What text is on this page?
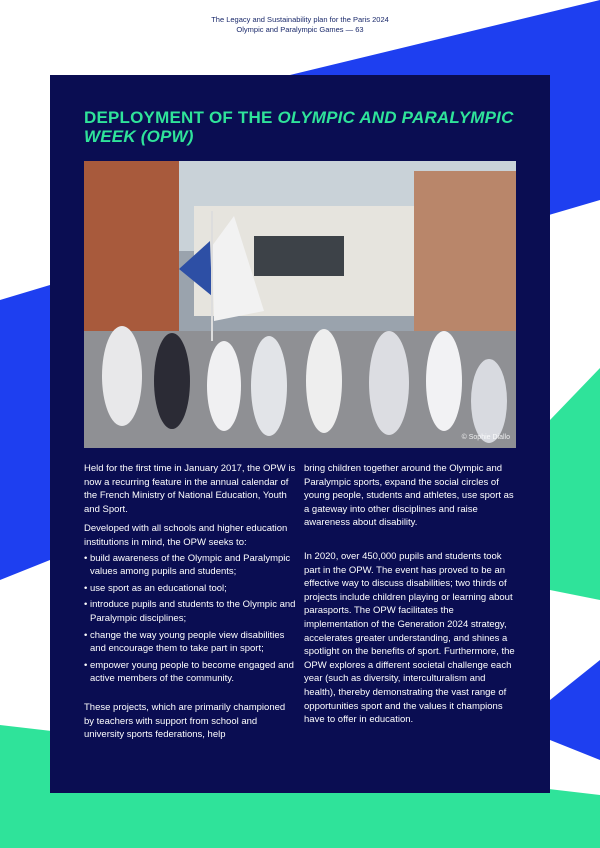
The Legacy and Sustainability plan for the Paris 2024
Olympic and Paralympic Games — 63
DEPLOYMENT OF THE OLYMPIC AND PARALYMPIC WEEK (OPW)
© Sophie Diallo

Held for the first time in January 2017, the OPW is now a recurring feature in the annual calendar of the French Ministry of National Education, Youth and Sport.

Developed with all schools and higher education institutions in mind, the OPW seeks to:

• build awareness of the Olympic and Paralympic values among pupils and students;
• use sport as an educational tool;
• introduce pupils and students to the Olympic and Paralympic disciplines;
• change the way young people view disabilities and encourage them to take part in sport;
• empower young people to become engaged and active members of the community.

These projects, which are primarily championed by teachers with support from school and university sports federations, help

bring children together around the Olympic and Paralympic sports, expand the social circles of young people, students and athletes, use sport as a gateway into other disciplines and raise awareness about disability.

In 2020, over 450,000 pupils and students took part in the OPW. The event has proved to be an effective way to discuss disabilities; two thirds of projects include children playing or learning about parasports. The OPW facilitates the implementation of the Generation 2024 strategy, accelerates greater understanding, and shines a spotlight on the benefits of sport. Furthermore, the OPW explores a different societal challenge each year (such as diversity, interculturalism and health), thereby demonstrating the vast range of opportunities sport and the values it champions have to offer in education.
